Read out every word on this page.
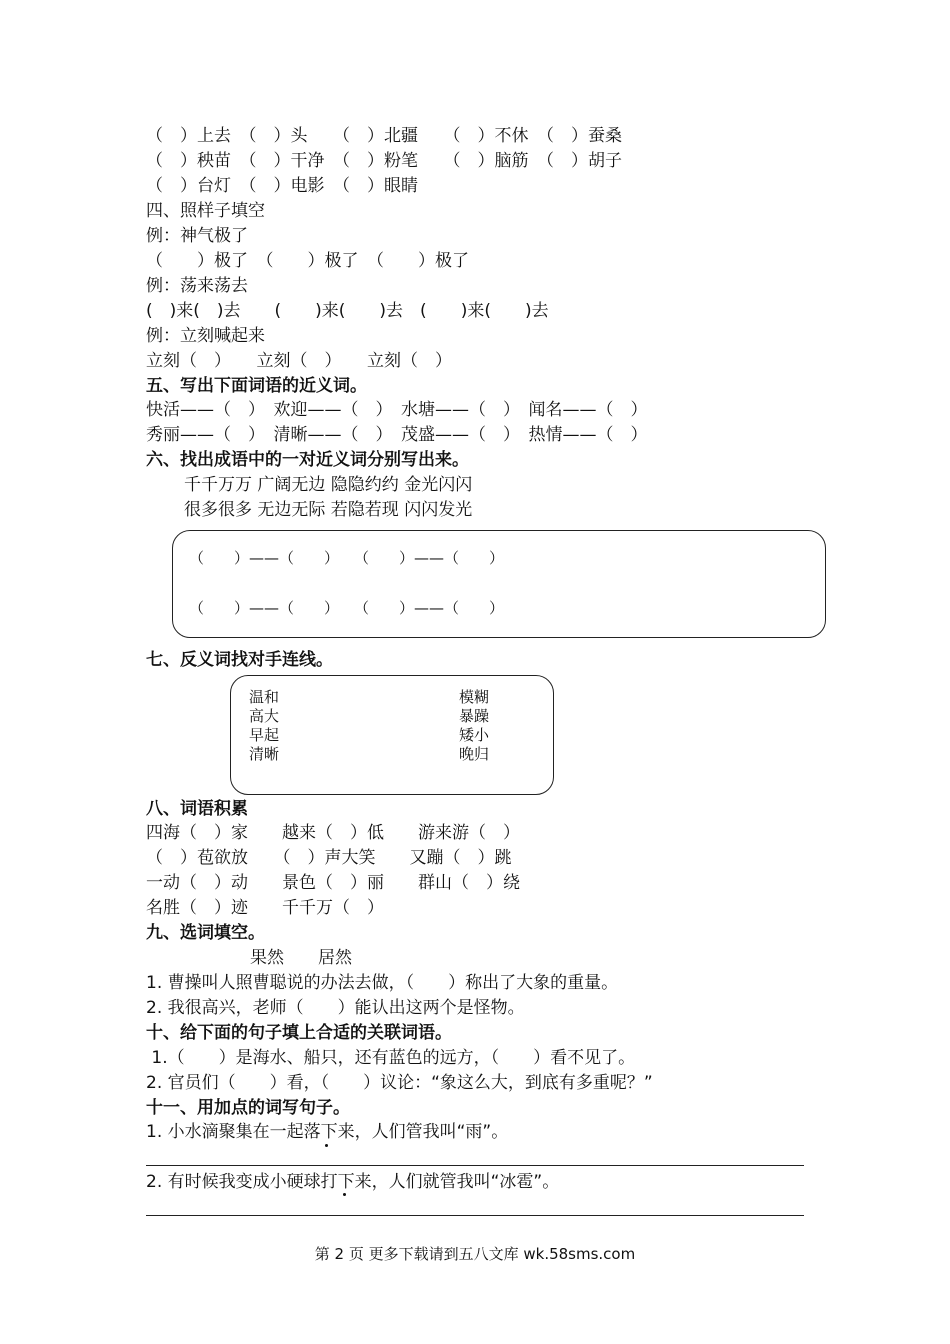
（　）上去　（　）头　　（　）北疆　　（　）不休　（　）蚕桑
（　）秧苗　（　）干净　（　）粉笔　　（　）脑筋　（　）胡子
（　）台灯　（　）电影　（　）眼睛
四、照样子填空
例：神气极了
（　　）极了　（　　）极了　（　　）极了
例：荡来荡去
(　)来(　)去　　(　　)来(　　)去　(　　)来(　　)去
例：立刻喊起来
立刻（　）　　立刻（　）　　立刻（　）
五、写出下面词语的近义词。
快活——（　）　欢迎——（　）　水塘——（　）　闻名——（　）
秀丽——（　）　清晰——（　）　茂盛——（　）　热情——（　）
六、找出成语中的一对近义词分别写出来。
千千万万 广阔无边 隐隐约约 金光闪闪
很多很多 无边无际 若隐若现 闪闪发光
（　　）——（　　）　　（　　）——（　　）
（　　）——（　　）　　（　　）——（　　）
七、反义词找对手连线。
温和
高大
早起
清晰
模糊
暴躁
矮小
晚归
八、词语积累
四海（　）家　　越来（　）低　　游来游（　）
（　）苞欲放　　（　）声大笑　　又蹦（　）跳
一动（　）动　　景色（　）丽　　群山（　）绕
名胜（　）迹　　千千万（　）
九、选词填空。
果然　　居然
1. 曹操叫人照曹聪说的办法去做，（　　）称出了大象的重量。
2. 我很高兴，老师（　　）能认出这两个是怪物。
十、给下面的句子填上合适的关联词语。
1.（　　）是海水、船只，还有蓝色的远方，（　　）看不见了。
2. 官员们（　　）看，（　　）议论：“象这么大，到底有多重呢？”
十一、用加点的词写句子。
1. 小水滴聚集在一起落下来，人们管我叫“雨”。
2. 有时候我变成小硬球打下来，人们就管我叫“冰雹”。
第 2 页 更多下载请到五八文库 wk.58sms.com
